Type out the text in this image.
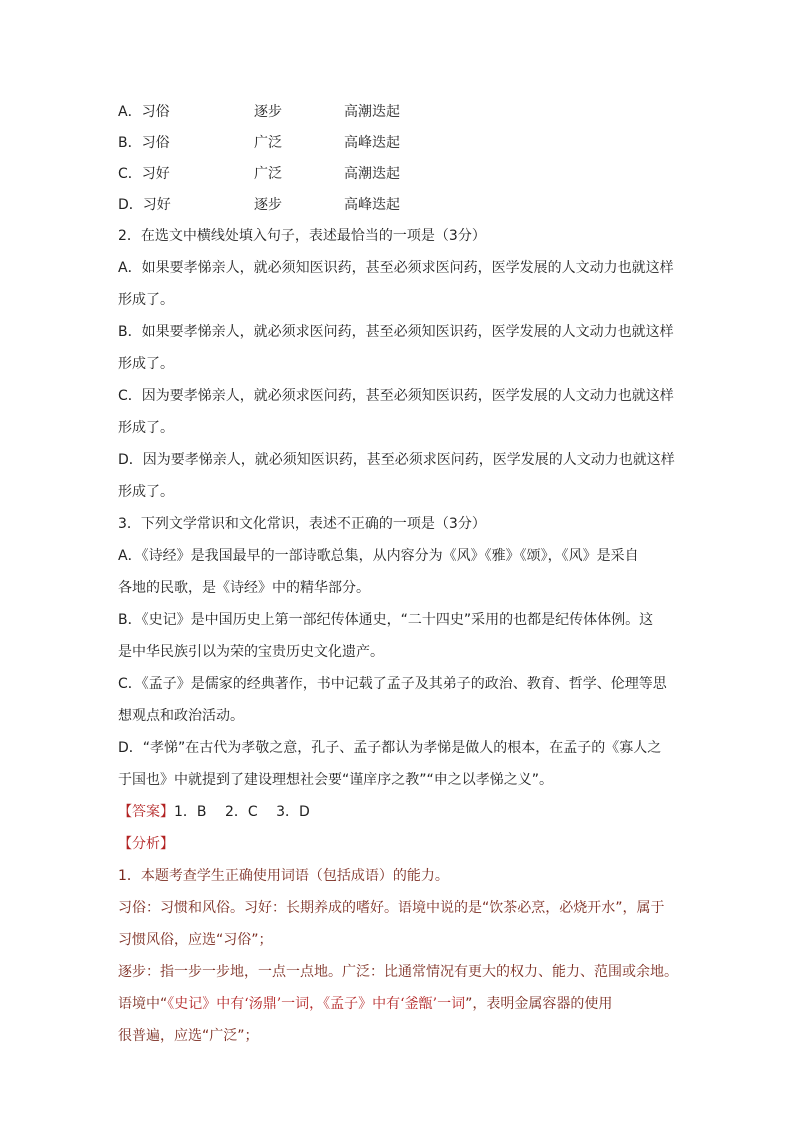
A．习俗	逐步	高潮迭起
B．习俗	广泛	高峰迭起
C．习好	广泛	高潮迭起
D．习好	逐步	高峰迭起
2．在选文中横线处填入句子，表述最恰当的一项是（3分）
A．如果要孝悌亲人，就必须知医识药，甚至必须求医问药，医学发展的人文动力也就这样
形成了。
B．如果要孝悌亲人，就必须求医问药，甚至必须知医识药，医学发展的人文动力也就这样
形成了。
C．因为要孝悌亲人，就必须求医问药，甚至必须知医识药，医学发展的人文动力也就这样
形成了。
D．因为要孝悌亲人，就必须知医识药，甚至必须求医问药，医学发展的人文动力也就这样
形成了。
3．下列文学常识和文化常识，表述不正确的一项是（3分）
A．《诗经》是我国最早的一部诗歌总集，从内容分为《风》《雅》《颂》，《风》是采自
各地的民歌，是《诗经》中的精华部分。
B．《史记》是中国历史上第一部纪传体通史，“二十四史”采用的也都是纪传体体例。这
是中华民族引以为荣的宝贵历史文化遗产。
C．《孟子》是儒家的经典著作，书中记载了孟子及其弟子的政治、教育、哲学、伦理等思
想观点和政治活动。
D．“孝悌”在古代为孝敬之意，孔子、孟子都认为孝悌是做人的根本，在孟子的《寡人之
于国也》中就提到了建设理想社会要“谨庠序之教”“申之以孝悌之义”。
【答案】1．B　 2．C　 3．D
【分析】
1．本题考查学生正确使用词语（包括成语）的能力。
习俗：习惯和风俗。习好：长期养成的嗜好。语境中说的是“饮茶必烹，必烧开水”，属于
习惯风俗，应选“习俗”；
逐步：指一步一步地，一点一点地。广泛：比通常情况有更大的权力、能力、范围或余地。
语境中“《史记》中有‘汤鼎’一词，《孟子》中有‘釜甑’一词”，表明金属容器的使用
很普遍，应选“广泛”；
